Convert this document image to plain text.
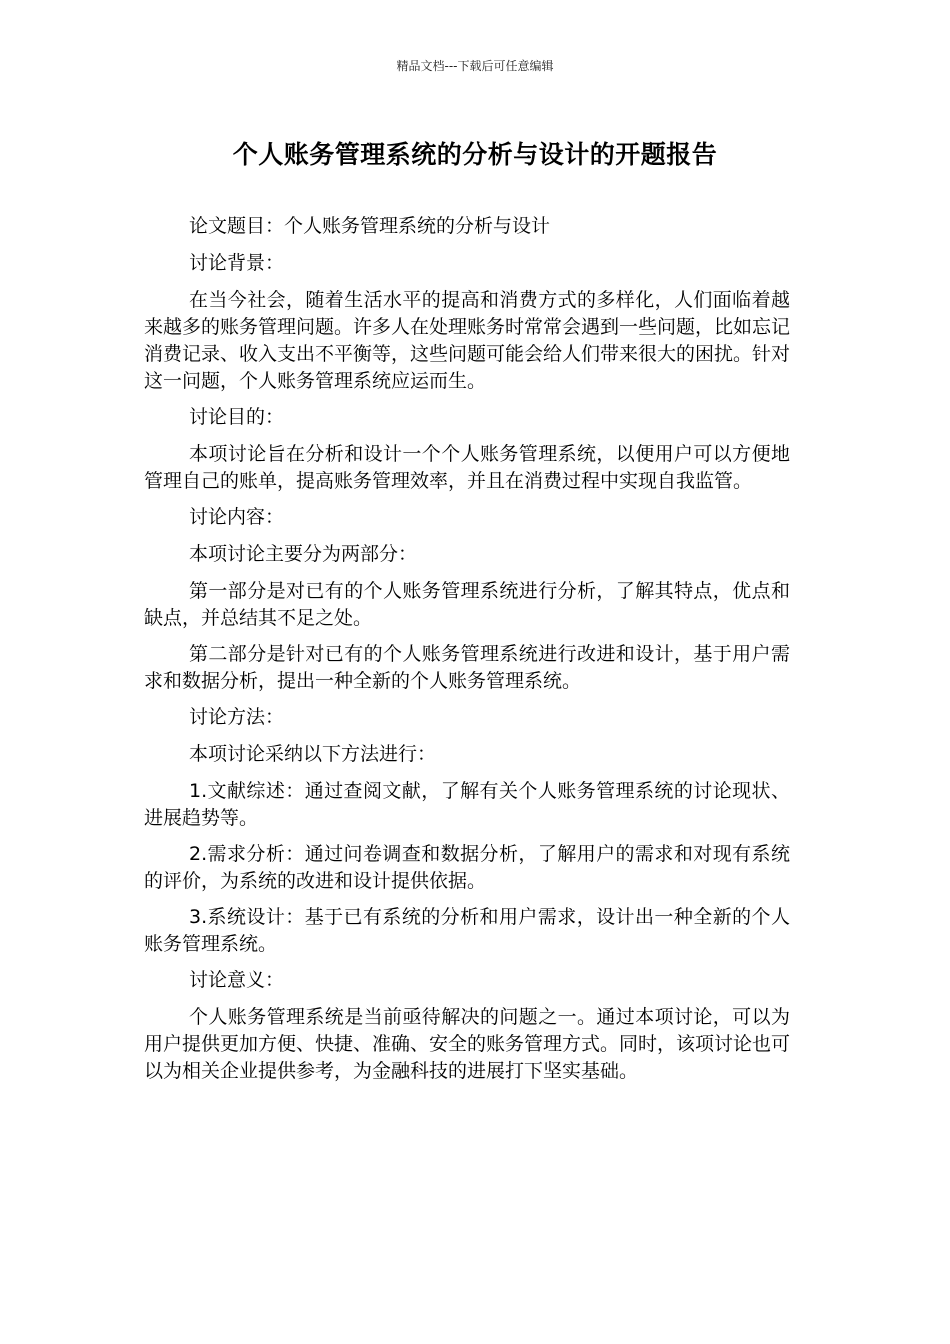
精品文档---下载后可任意编辑
个人账务管理系统的分析与设计的开题报告

论文题目：个人账务管理系统的分析与设计

讨论背景：

在当今社会，随着生活水平的提高和消费方式的多样化，人们面临着越来越多的账务管理问题。许多人在处理账务时常常会遇到一些问题，比如忘记消费记录、收入支出不平衡等，这些问题可能会给人们带来很大的困扰。针对这一问题，个人账务管理系统应运而生。

讨论目的：

本项讨论旨在分析和设计一个个人账务管理系统，以便用户可以方便地管理自己的账单，提高账务管理效率，并且在消费过程中实现自我监管。

讨论内容：

本项讨论主要分为两部分：

第一部分是对已有的个人账务管理系统进行分析，了解其特点，优点和缺点，并总结其不足之处。

第二部分是针对已有的个人账务管理系统进行改进和设计，基于用户需求和数据分析，提出一种全新的个人账务管理系统。

讨论方法：

本项讨论采纳以下方法进行：

1.文献综述：通过查阅文献，了解有关个人账务管理系统的讨论现状、进展趋势等。

2.需求分析：通过问卷调查和数据分析，了解用户的需求和对现有系统的评价，为系统的改进和设计提供依据。

3.系统设计：基于已有系统的分析和用户需求，设计出一种全新的个人账务管理系统。

讨论意义：

个人账务管理系统是当前亟待解决的问题之一。通过本项讨论，可以为用户提供更加方便、快捷、准确、安全的账务管理方式。同时，该项讨论也可以为相关企业提供参考，为金融科技的进展打下坚实基础。
